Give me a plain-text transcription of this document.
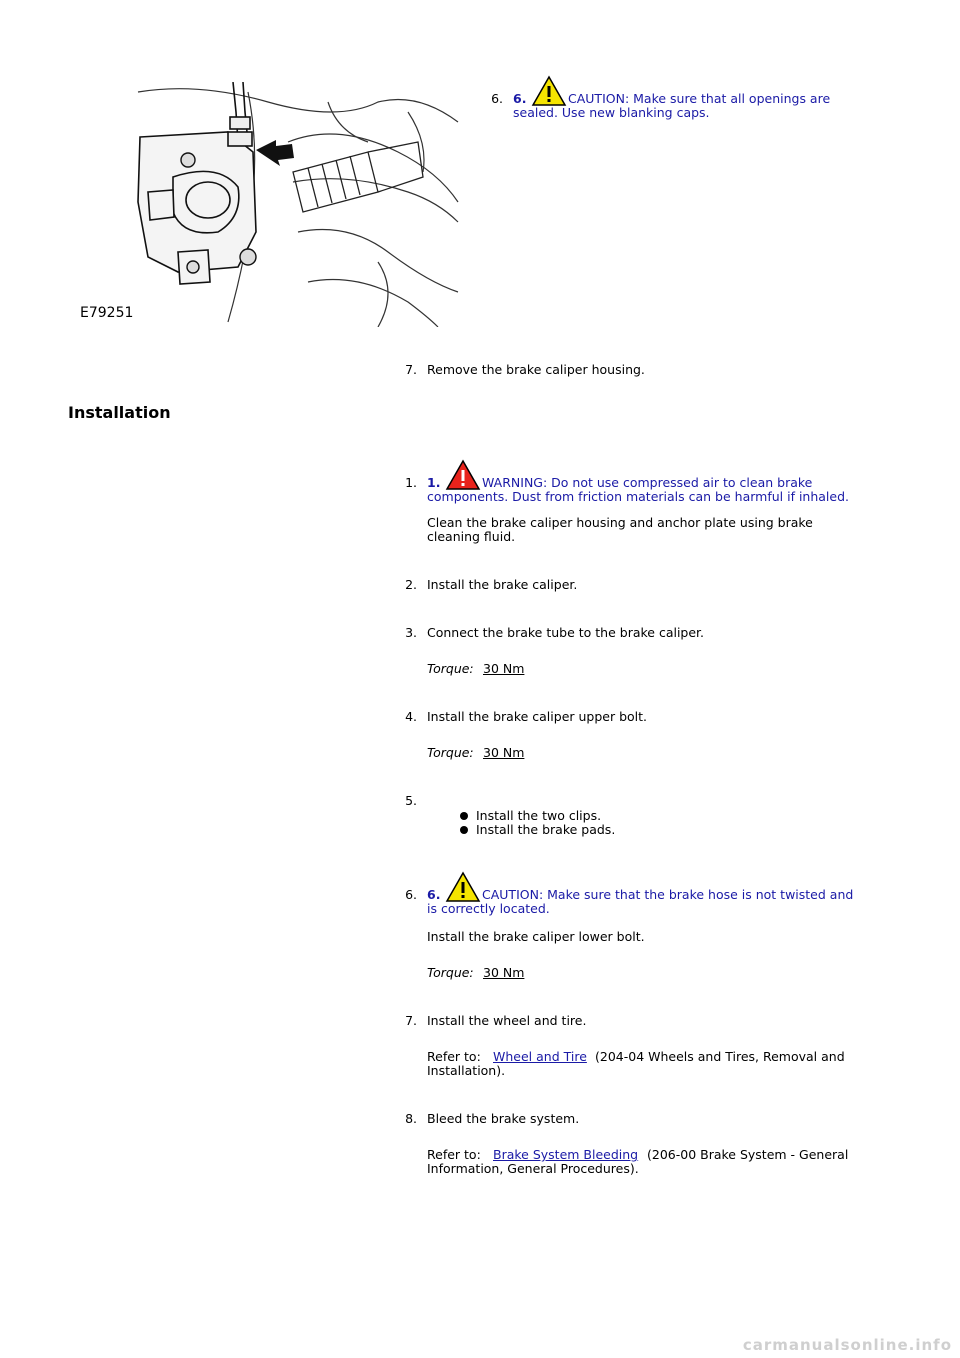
E79251
6. 6.	CAUTION: Make sure that all openings are
sealed. Use new blanking caps.
7. Remove the brake caliper housing.
Installation
1. 1.	WARNING: Do not use compressed air to clean brake
components. Dust from friction materials can be harmful if inhaled.
Clean the brake caliper housing and anchor plate using brake
cleaning fluid.
2. Install the brake caliper.
3. Connect the brake tube to the brake caliper.
Torque: 30 Nm
4. Install the brake caliper upper bolt.
Torque: 30 Nm
5.
Install the two clips.
Install the brake pads.
6. 6.	CAUTION: Make sure that the brake hose is not twisted and
is correctly located.
Install the brake caliper lower bolt.
Torque: 30 Nm
7. Install the wheel and tire.
Refer to: Wheel and Tire (204-04 Wheels and Tires, Removal and
Installation).
8. Bleed the brake system.
Refer to: Brake System Bleeding (206-00 Brake System - General
Information, General Procedures).
carmanualsonline.info
